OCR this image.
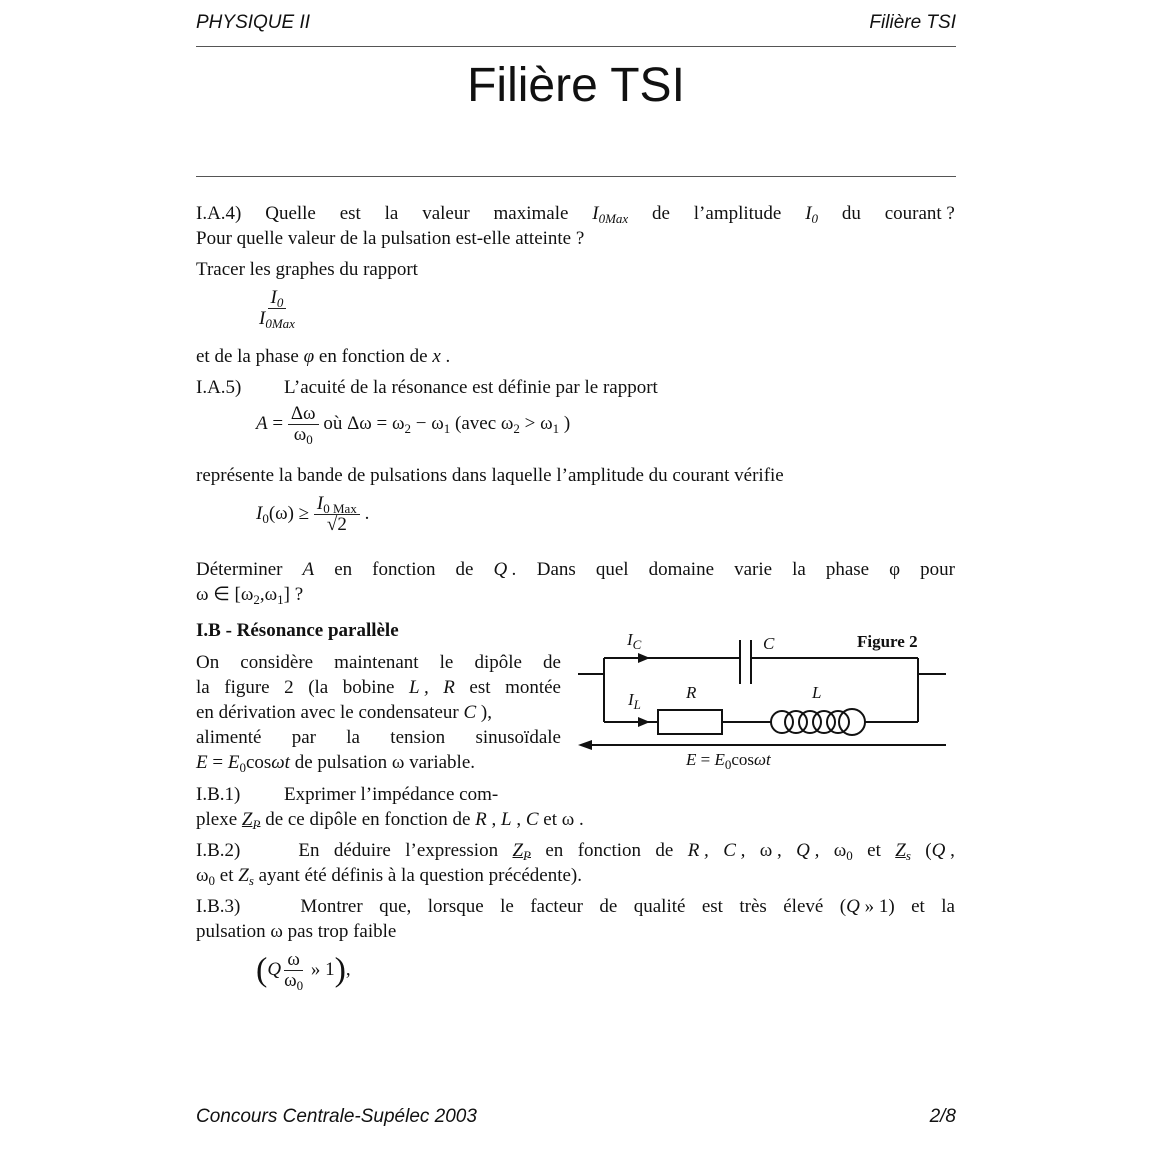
PHYSIQUE II	Filière TSI
Filière TSI
I.A.4) Quelle est la valeur maximale $I_{0Max}$ de l’amplitude $I_0$ du courant ?
Pour quelle valeur de la pulsation est-elle atteinte ?
Tracer les graphes du rapport
$\frac{I_0}{I_{0Max}}$
et de la phase φ en fonction de x .
I.A.5) L’acuité de la résonance est définie par le rapport
$A = \frac{\Delta\omega}{\omega_0}$ où $\Delta\omega = \omega_2 - \omega_1$ (avec $\omega_2 > \omega_1$ )
représente la bande de pulsations dans laquelle l’amplitude du courant vérifie
$I_0(\omega) \ge \frac{I_{0 Max}}{√2}$ .
Déterminer A en fonction de Q . Dans quel domaine varie la phase φ pour
ω ∈ $[\omega_2,\omega_1]$ ?
I.B - Résonance parallèle
On considère maintenant le dipôle de
la figure 2 (la bobine L , R est montée
en dérivation avec le condensateur C ),
alimenté par la tension sinusoïdale
$E = E_0\cos\omega t$ de pulsation ω variable.
$I_C$	C	Figure 2
$I_L$
R	L
$E = E_0\cos\omega t$
I.B.1) Exprimer l’impédance com-
plexe $Z_P$ de ce dipôle en fonction de R , L , C et ω .
I.B.2)	En déduire l’expression $Z_P$ en fonction de R , C , ω , Q , $\omega_0$ et $Z_s$ (Q ,
$\omega_0$ et $Z_s$ ayant été définis à la question précédente).
I.B.3)	Montrer que, lorsque le facteur de qualité est très élevé (Q » 1) et la
pulsation ω pas trop faible
($Q \frac{\omega}{\omega_0}$ » 1),
Concours Centrale-Supélec 2003	2/8
